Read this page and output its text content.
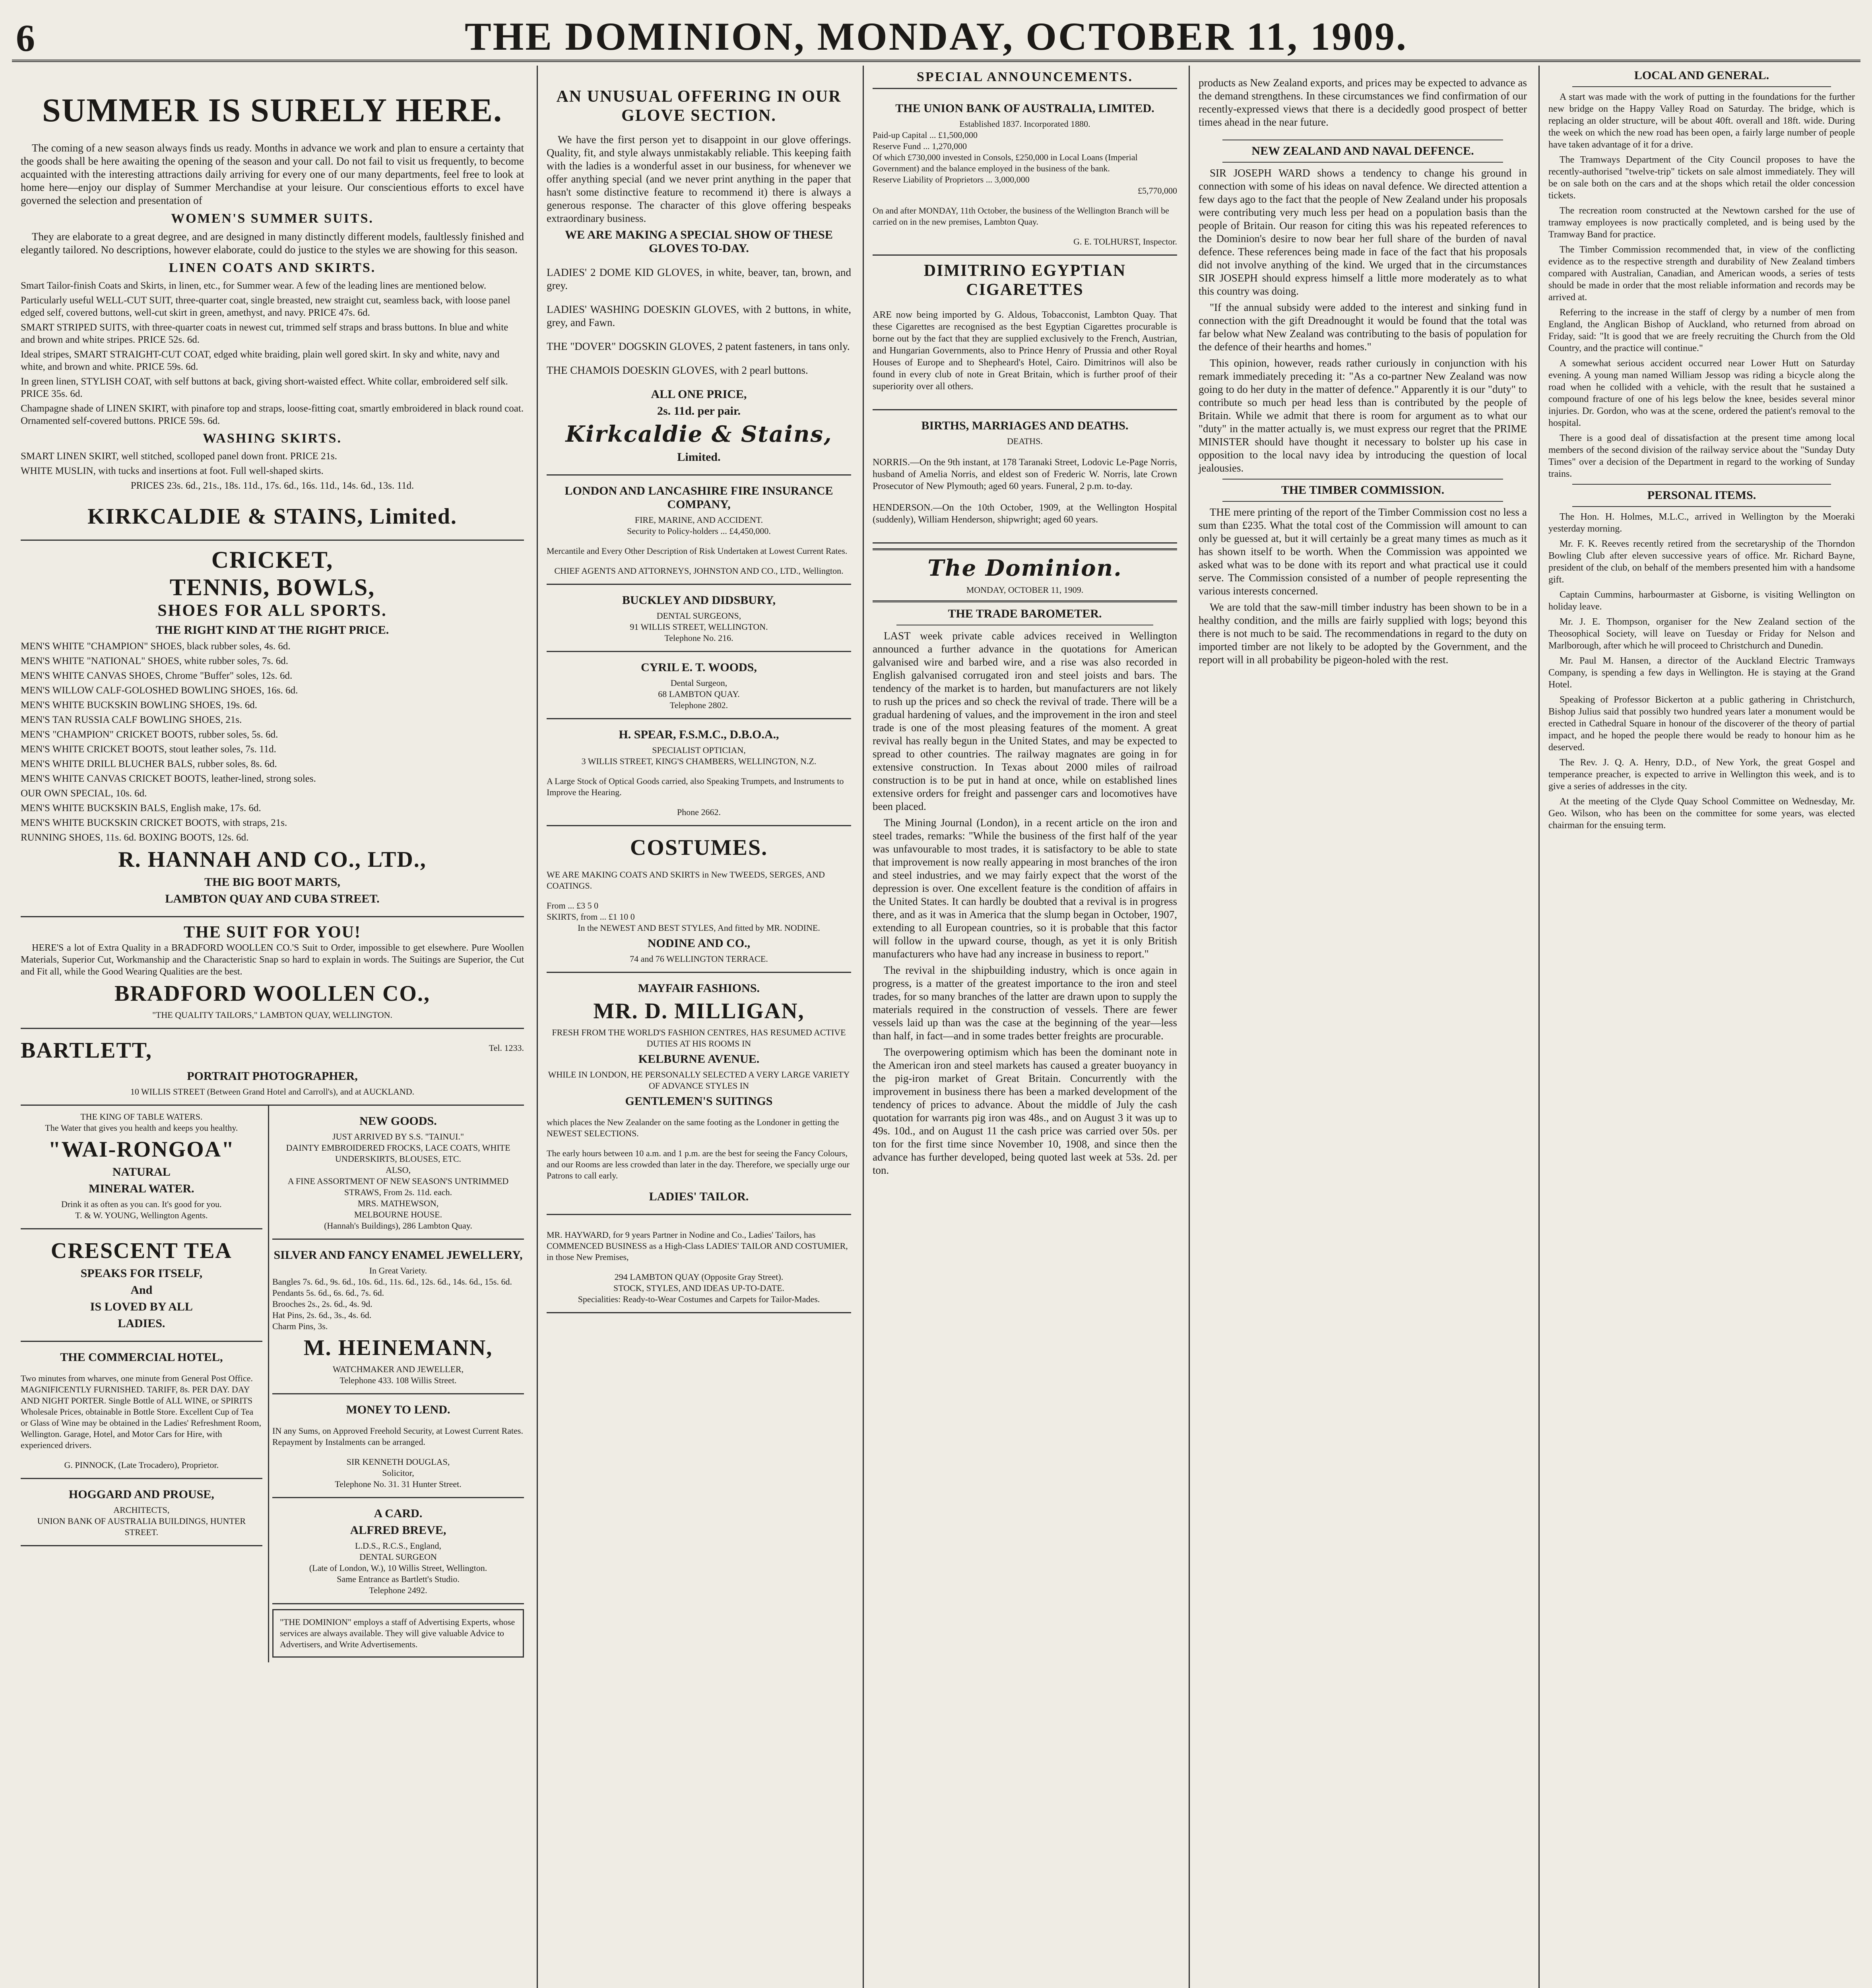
6	THE DOMINION, MONDAY, OCTOBER 11, 1909.
SUMMER IS SURELY HERE.

The coming of a new season always finds us ready. Months in advance we work and plan to ensure a certainty that the goods shall be here awaiting the opening of the season and your call. Do not fail to visit us frequently, to become acquainted with the interesting attractions daily arriving for every one of our many departments, feel free to look at home here—enjoy our display of Summer Merchandise at your leisure. Our conscientious efforts to excel have governed the selection and presentation of

WOMEN'S SUMMER SUITS.

They are elaborate to a great degree, and are designed in many distinctly different models, faultlessly finished and elegantly tailored. No descriptions, however elaborate, could do justice to the styles we are showing for this season.

LINEN COATS AND SKIRTS.

Smart Tailor-finish Coats and Skirts, in linen, etc., for Summer wear. A few of the leading lines are mentioned below.

Particularly useful WELL-CUT SUIT, three-quarter coat, single breasted, new straight cut, seamless back, with loose panel edged self, covered buttons, well-cut skirt in green, amethyst, and navy. PRICE 47s. 6d.

SMART STRIPED SUITS, with three-quarter coats in newest cut, trimmed self straps and brass buttons. In blue and white and brown and white stripes. PRICE 52s. 6d.

Ideal stripes, SMART STRAIGHT-CUT COAT, edged white braiding, plain well gored skirt. In sky and white, navy and white, and brown and white. PRICE 59s. 6d.

In green linen, STYLISH COAT, with self buttons at back, giving short-waisted effect. White collar, embroidered self silk. PRICE 35s. 6d.

Champagne shade of LINEN SKIRT, with pinafore top and straps, loose-fitting coat, smartly embroidered in black round coat. Ornamented self-covered buttons. PRICE 59s. 6d.

WASHING SKIRTS.

SMART LINEN SKIRT, well stitched, scolloped panel down front. PRICE 21s.

WHITE MUSLIN, with tucks and insertions at foot. Full well-shaped skirts.

PRICES 23s. 6d., 21s., 18s. 11d., 17s. 6d., 16s. 11d., 14s. 6d., 13s. 11d.

KIRKCALDIE & STAINS, Limited.
CRICKET,
TENNIS, BOWLS,
SHOES FOR ALL SPORTS.
THE RIGHT KIND AT THE RIGHT PRICE.

MEN'S WHITE "CHAMPION" SHOES, black rubber soles, 4s. 6d.

MEN'S WHITE "NATIONAL" SHOES, white rubber soles, 7s. 6d.

MEN'S WHITE CANVAS SHOES, Chrome "Buffer" soles, 12s. 6d.

MEN'S WILLOW CALF-GOLOSHED BOWLING SHOES, 16s. 6d.

MEN'S WHITE BUCKSKIN BOWLING SHOES, 19s. 6d.

MEN'S TAN RUSSIA CALF BOWLING SHOES, 21s.

MEN'S "CHAMPION" CRICKET BOOTS, rubber soles, 5s. 6d.

MEN'S WHITE CRICKET BOOTS, stout leather soles, 7s. 11d.

MEN'S WHITE DRILL BLUCHER BALS, rubber soles, 8s. 6d.

MEN'S WHITE CANVAS CRICKET BOOTS, leather-lined, strong soles.

OUR OWN SPECIAL, 10s. 6d.

MEN'S WHITE BUCKSKIN BALS, English make, 17s. 6d.

MEN'S WHITE BUCKSKIN CRICKET BOOTS, with straps, 21s.

RUNNING SHOES, 11s. 6d. BOXING BOOTS, 12s. 6d.

R. HANNAH AND CO., LTD.,
THE BIG BOOT MARTS,
LAMBTON QUAY AND CUBA STREET.
THE SUIT FOR YOU!

HERE'S a lot of Extra Quality in a BRADFORD WOOLLEN CO.'S Suit to Order, impossible to get elsewhere. Pure Woollen Materials, Superior Cut, Workmanship and the Characteristic Snap so hard to explain in words. The Suitings are Superior, the Cut and Fit all, while the Good Wearing Qualities are the best.

BRADFORD WOOLLEN CO.,
"THE QUALITY TAILORS," LAMBTON QUAY, WELLINGTON.
BARTLETT,	Tel. 1233.
PORTRAIT PHOTOGRAPHER,
10 WILLIS STREET (Between Grand Hotel and Carroll's), and at AUCKLAND.
THE KING OF TABLE WATERS.
The Water that gives you health and keeps you healthy.
"WAI-RONGOA"
NATURAL
MINERAL WATER.
Drink it as often as you can. It's good for you.
T. & W. YOUNG, Wellington Agents.
CRESCENT TEA
SPEAKS FOR ITSELF,
And
IS LOVED BY ALL
LADIES.
THE COMMERCIAL HOTEL,

Two minutes from wharves, one minute from General Post Office. MAGNIFICENTLY FURNISHED. TARIFF, 8s. PER DAY. DAY AND NIGHT PORTER. Single Bottle of ALL WINE, or SPIRITS Wholesale Prices, obtainable in Bottle Store. Excellent Cup of Tea or Glass of Wine may be obtained in the Ladies' Refreshment Room, Wellington. Garage, Hotel, and Motor Cars for Hire, with experienced drivers.

G. PINNOCK, (Late Trocadero), Proprietor.
HOGGARD AND PROUSE,
ARCHITECTS,
UNION BANK OF AUSTRALIA BUILDINGS, HUNTER STREET.
NEW GOODS.
JUST ARRIVED BY S.S. "TAINUI."
DAINTY EMBROIDERED FROCKS, LACE COATS, WHITE UNDERSKIRTS, BLOUSES, ETC.
ALSO,
A FINE ASSORTMENT OF NEW SEASON'S UNTRIMMED STRAWS, From 2s. 11d. each.
MRS. MATHEWSON,
MELBOURNE HOUSE.
(Hannah's Buildings), 286 Lambton Quay.
SILVER AND FANCY ENAMEL JEWELLERY,
In Great Variety.
Bangles 7s. 6d., 9s. 6d., 10s. 6d., 11s. 6d., 12s. 6d., 14s. 6d., 15s. 6d.
Pendants 5s. 6d., 6s. 6d., 7s. 6d.
Brooches 2s., 2s. 6d., 4s. 9d.
Hat Pins, 2s. 6d., 3s., 4s. 6d.
Charm Pins, 3s.
M. HEINEMANN,
WATCHMAKER AND JEWELLER,
Telephone 433. 108 Willis Street.
MONEY TO LEND.

IN any Sums, on Approved Freehold Security, at Lowest Current Rates. Repayment by Instalments can be arranged.

SIR KENNETH DOUGLAS,
Solicitor,
Telephone No. 31. 31 Hunter Street.
A CARD.
ALFRED BREVE,
L.D.S., R.C.S., England,
DENTAL SURGEON
(Late of London, W.), 10 Willis Street, Wellington.
Same Entrance as Bartlett's Studio.
Telephone 2492.
"THE DOMINION" employs a staff of Advertising Experts, whose services are always available. They will give valuable Advice to Advertisers, and Write Advertisements.
AN UNUSUAL OFFERING IN OUR GLOVE SECTION.

We have the first person yet to disappoint in our glove offerings. Quality, fit, and style always unmistakably reliable. This keeping faith with the ladies is a wonderful asset in our business, for whenever we offer anything special (and we never print anything in the paper that hasn't some distinctive feature to recommend it) there is always a generous response. The character of this glove offering bespeaks extraordinary business.

WE ARE MAKING A SPECIAL SHOW OF THESE GLOVES TO-DAY.

LADIES' 2 DOME KID GLOVES, in white, beaver, tan, brown, and grey.

LADIES' WASHING DOESKIN GLOVES, with 2 buttons, in white, grey, and Fawn.

THE "DOVER" DOGSKIN GLOVES, 2 patent fasteners, in tans only.

THE CHAMOIS DOESKIN GLOVES, with 2 pearl buttons.

ALL ONE PRICE,
2s. 11d. per pair.
Kirkcaldie & Stains,
Limited.
LONDON AND LANCASHIRE FIRE INSURANCE COMPANY,
FIRE, MARINE, AND ACCIDENT.
Security to Policy-holders ... £4,450,000.

Mercantile and Every Other Description of Risk Undertaken at Lowest Current Rates.

CHIEF AGENTS AND ATTORNEYS, JOHNSTON AND CO., LTD., Wellington.
BUCKLEY AND DIDSBURY,
DENTAL SURGEONS,
91 WILLIS STREET, WELLINGTON.
Telephone No. 216.
CYRIL E. T. WOODS,
Dental Surgeon,
68 LAMBTON QUAY.
Telephone 2802.
H. SPEAR, F.S.M.C., D.B.O.A.,
SPECIALIST OPTICIAN,
3 WILLIS STREET, KING'S CHAMBERS, WELLINGTON, N.Z.

A Large Stock of Optical Goods carried, also Speaking Trumpets, and Instruments to Improve the Hearing.

Phone 2662.
COSTUMES.

WE ARE MAKING COATS AND SKIRTS in New TWEEDS, SERGES, AND COATINGS.

From ... £3 5 0
SKIRTS, from ... £1 10 0
In the NEWEST AND BEST STYLES, And fitted by MR. NODINE.
NODINE AND CO.,
74 and 76 WELLINGTON TERRACE.
MAYFAIR FASHIONS.
MR. D. MILLIGAN,
FRESH FROM THE WORLD'S FASHION CENTRES, HAS RESUMED ACTIVE DUTIES AT HIS ROOMS IN
KELBURNE AVENUE.
WHILE IN LONDON, HE PERSONALLY SELECTED A VERY LARGE VARIETY OF ADVANCE STYLES IN
GENTLEMEN'S SUITINGS

which places the New Zealander on the same footing as the Londoner in getting the NEWEST SELECTIONS.

The early hours between 10 a.m. and 1 p.m. are the best for seeing the Fancy Colours, and our Rooms are less crowded than later in the day. Therefore, we specially urge our Patrons to call early.

LADIES' TAILOR.

MR. HAYWARD, for 9 years Partner in Nodine and Co., Ladies' Tailors, has COMMENCED BUSINESS as a High-Class LADIES' TAILOR AND COSTUMIER, in those New Premises,

294 LAMBTON QUAY (Opposite Gray Street).
STOCK, STYLES, AND IDEAS UP-TO-DATE.
Specialities: Ready-to-Wear Costumes and Carpets for Tailor-Mades.
SPECIAL ANNOUNCEMENTS.
THE UNION BANK OF AUSTRALIA, LIMITED.
Established 1837. Incorporated 1880.
Paid-up Capital ... £1,500,000
Reserve Fund ... 1,270,000
Of which £730,000 invested in Consols, £250,000 in Local Loans (Imperial Government) and the balance employed in the business of the bank.
Reserve Liability of Proprietors ... 3,000,000
£5,770,000

On and after MONDAY, 11th October, the business of the Wellington Branch will be carried on in the new premises, Lambton Quay.

G. E. TOLHURST, Inspector.
DIMITRINO EGYPTIAN CIGARETTES

ARE now being imported by G. Aldous, Tobacconist, Lambton Quay. That these Cigarettes are recognised as the best Egyptian Cigarettes procurable is borne out by the fact that they are supplied exclusively to the French, Austrian, and Hungarian Governments, also to Prince Henry of Prussia and other Royal Houses of Europe and to Shepheard's Hotel, Cairo. Dimitrinos will also be found in every club of note in Great Britain, which is further proof of their superiority over all others.

BIRTHS, MARRIAGES AND DEATHS.
DEATHS.

NORRIS.—On the 9th instant, at 178 Taranaki Street, Lodovic Le-Page Norris, husband of Amelia Norris, and eldest son of Frederic W. Norris, late Crown Prosecutor of New Plymouth; aged 60 years. Funeral, 2 p.m. to-day.

HENDERSON.—On the 10th October, 1909, at the Wellington Hospital (suddenly), William Henderson, shipwright; aged 60 years.

The Dominion.
MONDAY, OCTOBER 11, 1909.
THE TRADE BAROMETER.

LAST week private cable advices received in Wellington announced a further advance in the quotations for American galvanised wire and barbed wire, and a rise was also recorded in English galvanised corrugated iron and steel joists and bars. The tendency of the market is to harden, but manufacturers are not likely to rush up the prices and so check the revival of trade. There will be a gradual hardening of values, and the improvement in the iron and steel trade is one of the most pleasing features of the moment. A great revival has really begun in the United States, and may be expected to spread to other countries. The railway magnates are going in for extensive construction. In Texas about 2000 miles of railroad construction is to be put in hand at once, while on established lines extensive orders for freight and passenger cars and locomotives have been placed.

The Mining Journal (London), in a recent article on the iron and steel trades, remarks: "While the business of the first half of the year was unfavourable to most trades, it is satisfactory to be able to state that improvement is now really appearing in most branches of the iron and steel industries, and we may fairly expect that the worst of the depression is over. One excellent feature is the condition of affairs in the United States. It can hardly be doubted that a revival is in progress there, and as it was in America that the slump began in October, 1907, extending to all European countries, so it is probable that this factor will follow in the upward course, though, as yet it is only British manufacturers who have had any increase in business to report."

The revival in the shipbuilding industry, which is once again in progress, is a matter of the greatest importance to the iron and steel trades, for so many branches of the latter are drawn upon to supply the materials required in the construction of vessels. There are fewer vessels laid up than was the case at the beginning of the year—less than half, in fact—and in some trades better freights are procurable.

The overpowering optimism which has been the dominant note in the American iron and steel markets has caused a greater buoyancy in the pig-iron market of Great Britain. Concurrently with the improvement in business there has been a marked development of the tendency of prices to advance. About the middle of July the cash quotation for warrants pig iron was 48s., and on August 3 it was up to 49s. 10d., and on August 11 the cash price was carried over 50s. per ton for the first time since November 10, 1908, and since then the advance has further developed, being quoted last week at 53s. 2d. per ton.

products as New Zealand exports, and prices may be expected to advance as the demand strengthens. In these circumstances we find confirmation of our recently-expressed views that there is a decidedly good prospect of better times ahead in the near future.

NEW ZEALAND AND NAVAL DEFENCE.

SIR JOSEPH WARD shows a tendency to change his ground in connection with some of his ideas on naval defence. We directed attention a few days ago to the fact that the people of New Zealand under his proposals were contributing very much less per head on a population basis than the people of Britain. Our reason for citing this was his repeated references to the Dominion's desire to now bear her full share of the burden of naval defence. These references being made in face of the fact that his proposals did not involve anything of the kind. We urged that in the circumstances SIR JOSEPH should express himself a little more moderately as to what this country was doing.

"If the annual subsidy were added to the interest and sinking fund in connection with the gift Dreadnought it would be found that the total was far below what New Zealand was contributing to the basis of population for the defence of their hearths and homes."

This opinion, however, reads rather curiously in conjunction with his remark immediately preceding it: "As a co-partner New Zealand was now going to do her duty in the matter of defence." Apparently it is our "duty" to contribute so much per head less than is contributed by the people of Britain. While we admit that there is room for argument as to what our "duty" in the matter actually is, we must express our regret that the PRIME MINISTER should have thought it necessary to bolster up his case in opposition to the local navy idea by introducing the question of local jealousies.

THE TIMBER COMMISSION.

THE mere printing of the report of the Timber Commission cost no less a sum than £235. What the total cost of the Commission will amount to can only be guessed at, but it will certainly be a great many times as much as it has shown itself to be worth. When the Commission was appointed we asked what was to be done with its report and what practical use it could serve. The Commission consisted of a number of people representing the various interests concerned.

We are told that the saw-mill timber industry has been shown to be in a healthy condition, and the mills are fairly supplied with logs; beyond this there is not much to be said. The recommendations in regard to the duty on imported timber are not likely to be adopted by the Government, and the report will in all probability be pigeon-holed with the rest.

LOCAL AND GENERAL.

A start was made with the work of putting in the foundations for the further new bridge on the Happy Valley Road on Saturday. The bridge, which is replacing an older structure, will be about 40ft. overall and 18ft. wide. During the week on which the new road has been open, a fairly large number of people have taken advantage of it for a drive.

The Tramways Department of the City Council proposes to have the recently-authorised "twelve-trip" tickets on sale almost immediately. They will be on sale both on the cars and at the shops which retail the older concession tickets.

The recreation room constructed at the Newtown carshed for the use of tramway employees is now practically completed, and is being used by the Tramway Band for practice.

The Timber Commission recommended that, in view of the conflicting evidence as to the respective strength and durability of New Zealand timbers compared with Australian, Canadian, and American woods, a series of tests should be made in order that the most reliable information and records may be arrived at.

Referring to the increase in the staff of clergy by a number of men from England, the Anglican Bishop of Auckland, who returned from abroad on Friday, said: "It is good that we are freely recruiting the Church from the Old Country, and the practice will continue."

A somewhat serious accident occurred near Lower Hutt on Saturday evening. A young man named William Jessop was riding a bicycle along the road when he collided with a vehicle, with the result that he sustained a compound fracture of one of his legs below the knee, besides several minor injuries. Dr. Gordon, who was at the scene, ordered the patient's removal to the hospital.

There is a good deal of dissatisfaction at the present time among local members of the second division of the railway service about the "Sunday Duty Times" over a decision of the Department in regard to the working of Sunday trains.

PERSONAL ITEMS.

The Hon. H. Holmes, M.L.C., arrived in Wellington by the Moeraki yesterday morning.

Mr. F. K. Reeves recently retired from the secretaryship of the Thorndon Bowling Club after eleven successive years of office. Mr. Richard Bayne, president of the club, on behalf of the members presented him with a handsome gift.

Captain Cummins, harbourmaster at Gisborne, is visiting Wellington on holiday leave.

Mr. J. E. Thompson, organiser for the New Zealand section of the Theosophical Society, will leave on Tuesday or Friday for Nelson and Marlborough, after which he will proceed to Christchurch and Dunedin.

Mr. Paul M. Hansen, a director of the Auckland Electric Tramways Company, is spending a few days in Wellington. He is staying at the Grand Hotel.

Speaking of Professor Bickerton at a public gathering in Christchurch, Bishop Julius said that possibly two hundred years later a monument would be erected in Cathedral Square in honour of the discoverer of the theory of partial impact, and he hoped the people there would be ready to honour him as he deserved.

The Rev. J. Q. A. Henry, D.D., of New York, the great Gospel and temperance preacher, is expected to arrive in Wellington this week, and is to give a series of addresses in the city.

At the meeting of the Clyde Quay School Committee on Wednesday, Mr. Geo. Wilson, who has been on the committee for some years, was elected chairman for the ensuing term.
